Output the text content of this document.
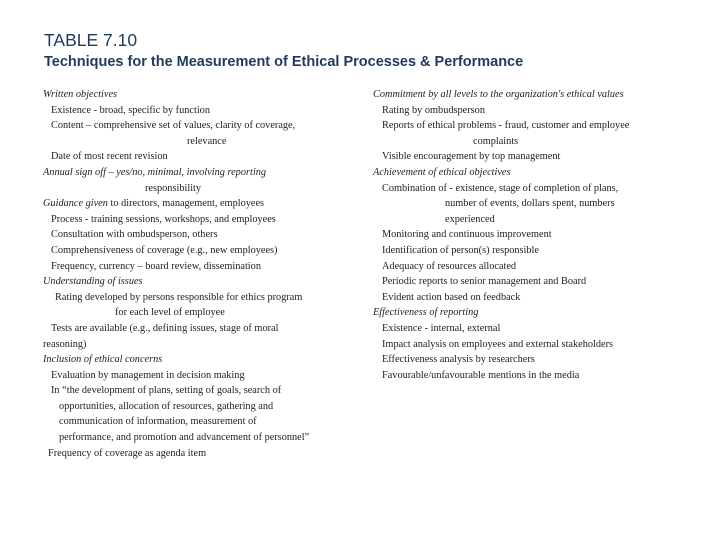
TABLE 7.10
Techniques for the Measurement of Ethical Processes & Performance
Written objectives
Existence - broad, specific by function
Content – comprehensive set of values, clarity of coverage,
relevance
Date of most recent revision
Annual sign off – yes/no, minimal, involving reporting
responsibility
Guidance given to directors, management, employees
Process - training sessions, workshops, and employees
Consultation with ombudsperson, others
Comprehensiveness of coverage (e.g., new employees)
Frequency, currency – board review, dissemination
Understanding of issues
Rating developed by persons responsible for ethics program
for each level of employee
Tests are available (e.g., defining issues, stage of moral
reasoning)
Inclusion of ethical concerns
Evaluation by management in decision making
In “the development of plans, setting of goals, search of
opportunities, allocation of resources, gathering and
communication of information, measurement of
performance, and promotion and advancement of personnel”
Frequency of coverage as agenda item
Commitment by all levels to the organization's ethical values
Rating by ombudsperson
Reports of ethical problems - fraud, customer and employee
complaints
Visible encouragement by top management
Achievement of ethical objectives
Combination of - existence, stage of completion of plans,
number of events, dollars spent, numbers
experienced
Monitoring and continuous improvement
Identification of person(s) responsible
Adequacy of resources allocated
Periodic reports to senior management and Board
Evident action based on feedback
Effectiveness of reporting
Existence - internal, external
Impact analysis on employees and external stakeholders
Effectiveness analysis by researchers
Favourable/unfavourable mentions in the media
